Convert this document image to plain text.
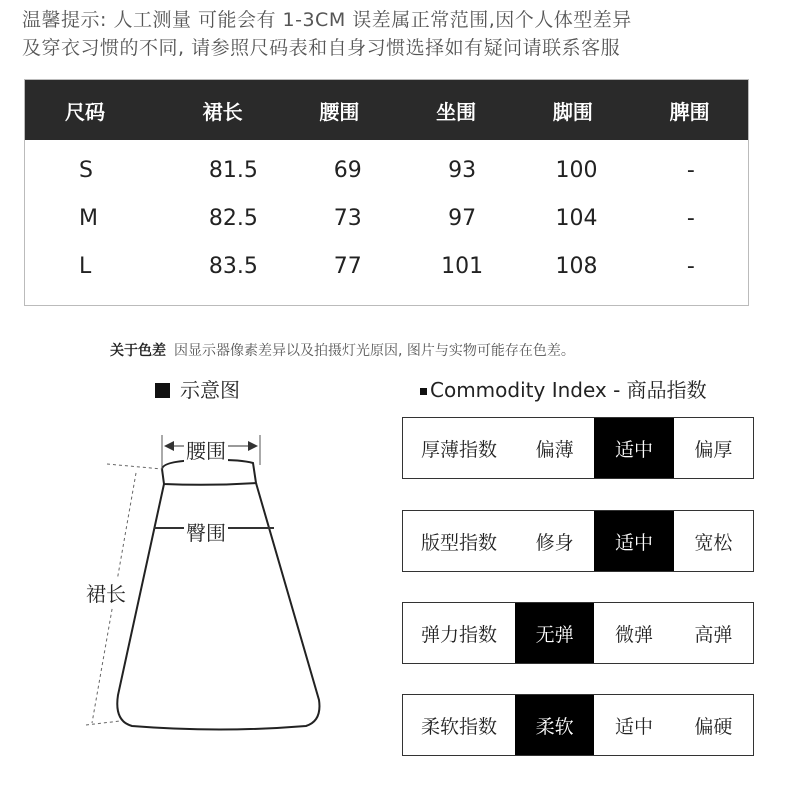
温馨提示: 人工测量 可能会有 1-3CM 误差属正常范围,因个人体型差异
及穿衣习惯的不同, 请参照尺码表和自身习惯选择如有疑问请联系客服
尺码	裙长	腰围	坐围	脚围	脾围
S	81.5	69	93	100	-
M	82.5	73	97	104	-
L	83.5	77	101	108	-
关于色差 因显示器像素差异以及拍摄灯光原因, 图片与实物可能存在色差。
示意图
腰围
臀围
裙长
Commodity Index - 商品指数
厚薄指数	偏薄	适中	偏厚
版型指数	修身	适中	宽松
弹力指数	无弹	微弹	高弹
柔软指数	柔软	适中	偏硬
